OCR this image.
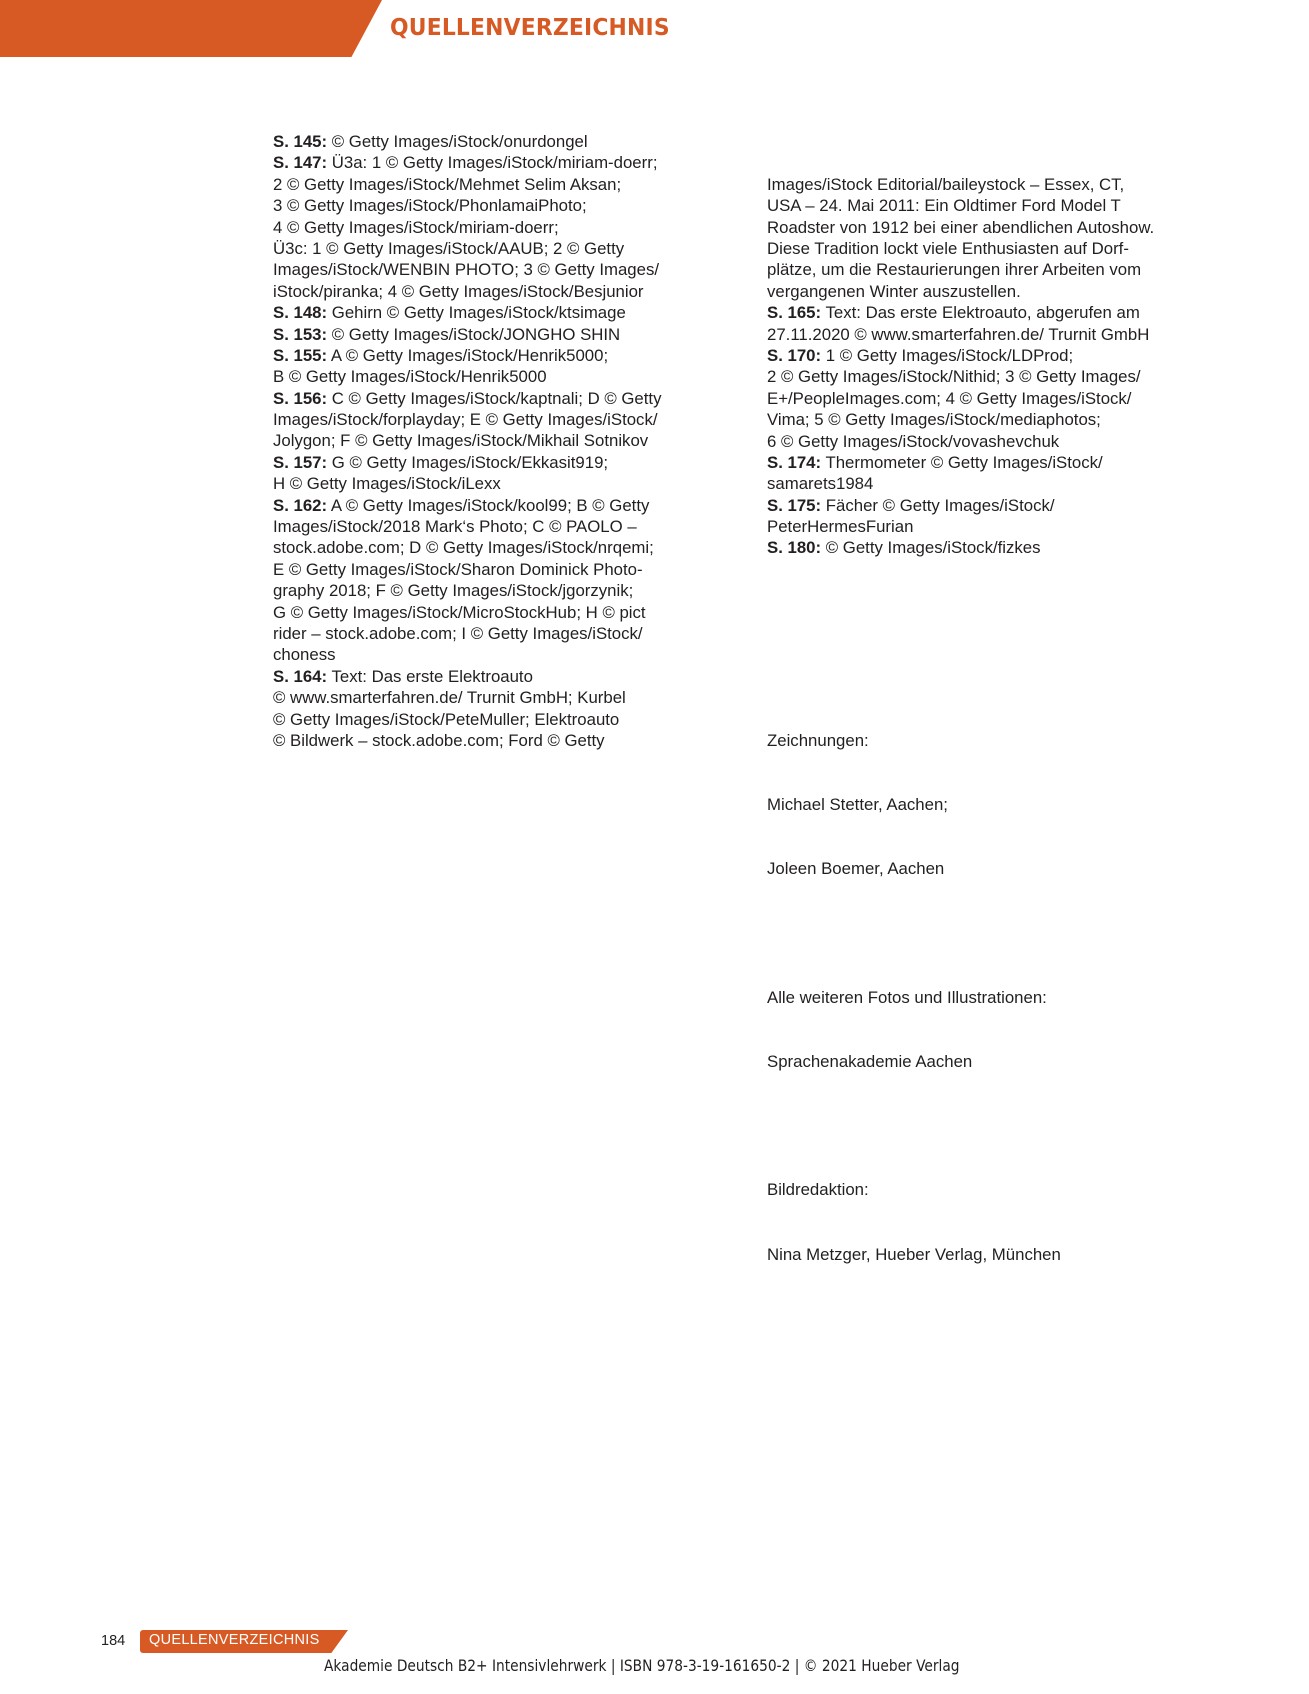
QUELLENVERZEICHNIS
S. 145: © Getty Images/iStock/onurdongel
S. 147: Ü3a: 1 © Getty Images/iStock/miriam-doerr;
2 © Getty Images/iStock/Mehmet Selim Aksan;
3 © Getty Images/iStock/PhonlamaiPhoto;
4 © Getty Images/iStock/miriam-doerr;
Ü3c: 1 © Getty Images/iStock/AAUB; 2 © Getty
Images/iStock/WENBIN PHOTO; 3 © Getty Images/
iStock/piranka; 4 © Getty Images/iStock/Besjunior
S. 148: Gehirn © Getty Images/iStock/ktsimage
S. 153: © Getty Images/iStock/JONGHO SHIN
S. 155: A © Getty Images/iStock/Henrik5000;
B © Getty Images/iStock/Henrik5000
S. 156: C © Getty Images/iStock/kaptnali; D © Getty
Images/iStock/forplayday; E © Getty Images/iStock/
Jolygon; F © Getty Images/iStock/Mikhail Sotnikov
S. 157: G © Getty Images/iStock/Ekkasit919;
H © Getty Images/iStock/iLexx
S. 162: A © Getty Images/iStock/kool99; B © Getty
Images/iStock/2018 Mark‘s Photo; C © PAOLO –
stock.adobe.com; D © Getty Images/iStock/nrqemi;
E © Getty Images/iStock/Sharon Dominick Photo-
graphy 2018; F © Getty Images/iStock/jgorzynik;
G © Getty Images/iStock/MicroStockHub; H © pict
rider – stock.adobe.com; I © Getty Images/iStock/
choness
S. 164: Text: Das erste Elektroauto
© www.smarterfahren.de/ Trurnit GmbH; Kurbel
© Getty Images/iStock/PeteMuller; Elektroauto
© Bildwerk – stock.adobe.com; Ford © Getty

Images/iStock Editorial/baileystock – Essex, CT,
USA – 24. Mai 2011: Ein Oldtimer Ford Model T
Roadster von 1912 bei einer abendlichen Autoshow.
Diese Tradition lockt viele Enthusiasten auf Dorf-
plätze, um die Restaurierungen ihrer Arbeiten vom
vergangenen Winter auszustellen.
S. 165: Text: Das erste Elektroauto, abgerufen am
27.11.2020 © www.smarterfahren.de/ Trurnit GmbH
S. 170: 1 © Getty Images/iStock/LDProd;
2 © Getty Images/iStock/Nithid; 3 © Getty Images/
E+/PeopleImages.com; 4 © Getty Images/iStock/
Vima; 5 © Getty Images/iStock/mediaphotos;
6 © Getty Images/iStock/vovashevchuk
S. 174: Thermometer © Getty Images/iStock/
samarets1984
S. 175: Fächer © Getty Images/iStock/
PeterHermesFurian
S. 180: © Getty Images/iStock/fizkes

Zeichnungen:

Michael Stetter, Aachen;

Joleen Boemer, Aachen

Alle weiteren Fotos und Illustrationen:

Sprachenakademie Aachen

Bildredaktion:

Nina Metzger, Hueber Verlag, München

184 QUELLENVERZEICHNIS
Akademie Deutsch B2+ Intensivlehrwerk | ISBN 978-3-19-161650-2 | © 2021 Hueber Verlag
